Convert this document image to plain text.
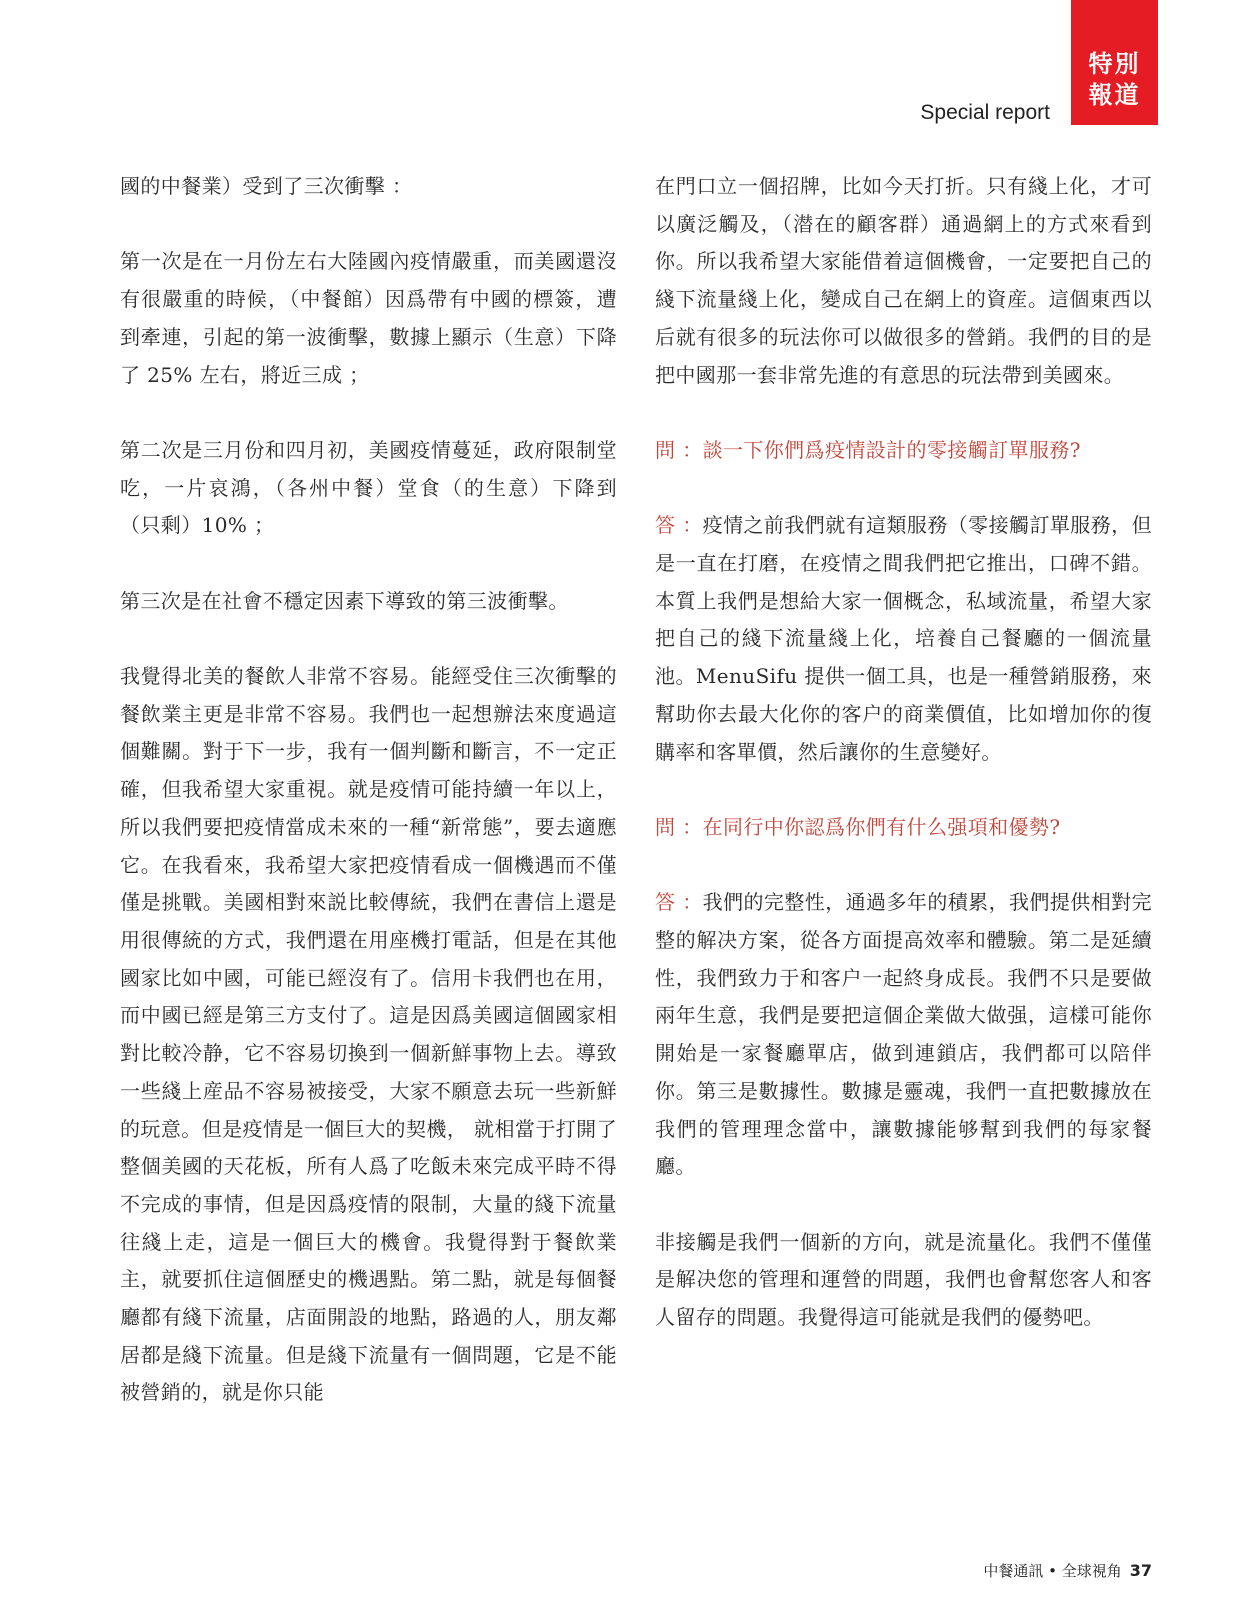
特別
報道
Special report

國的中餐業）受到了三次衝擊 ：

第一次是在一月份左右大陸國內疫情嚴重，而美國還沒有很嚴重的時候，（中餐館）因爲帶有中國的標簽，遭到牽連，引起的第一波衝擊，數據上顯示（生意）下降了 25% 左右，將近三成 ；

第二次是三月份和四月初，美國疫情蔓延，政府限制堂吃，一片哀鴻，（各州中餐）堂食（的生意）下降到（只剩）10% ；

第三次是在社會不穩定因素下導致的第三波衝擊。

我覺得北美的餐飲人非常不容易。能經受住三次衝擊的餐飲業主更是非常不容易。我們也一起想辦法來度過這個難關。對于下一步，我有一個判斷和斷言，不一定正確，但我希望大家重視。就是疫情可能持續一年以上， 所以我們要把疫情當成未來的一種“新常態”，要去適應它。在我看來，我希望大家把疫情看成一個機遇而不僅僅是挑戰。美國相對來説比較傳統，我們在書信上還是用很傳統的方式，我們還在用座機打電話，但是在其他國家比如中國，可能已經沒有了。信用卡我們也在用，而中國已經是第三方支付了。這是因爲美國這個國家相對比較冷静，它不容易切換到一個新鮮事物上去。導致一些綫上産品不容易被接受，大家不願意去玩一些新鮮的玩意。但是疫情是一個巨大的契機， 就相當于打開了整個美國的天花板，所有人爲了吃飯未來完成平時不得不完成的事情，但是因爲疫情的限制，大量的綫下流量往綫上走，這是一個巨大的機會。我覺得對于餐飲業主，就要抓住這個歷史的機遇點。第二點，就是每個餐廳都有綫下流量，店面開設的地點，路過的人，朋友鄰居都是綫下流量。但是綫下流量有一個問題，它是不能被營銷的，就是你只能

在門口立一個招牌，比如今天打折。只有綫上化，才可以廣泛觸及，（潜在的顧客群）通過網上的方式來看到你。所以我希望大家能借着這個機會，一定要把自己的綫下流量綫上化，變成自己在網上的資産。這個東西以后就有很多的玩法你可以做很多的營銷。我們的目的是把中國那一套非常先進的有意思的玩法帶到美國來。

問 ：談一下你們爲疫情設計的零接觸訂單服務?

答 ：疫情之前我們就有這類服務（零接觸訂單服務，但是一直在打磨，在疫情之間我們把它推出，口碑不錯。本質上我們是想給大家一個概念，私域流量，希望大家把自己的綫下流量綫上化，培養自己餐廳的一個流量池。MenuSifu 提供一個工具，也是一種營銷服務，來幫助你去最大化你的客户的商業價值，比如增加你的復購率和客單價，然后讓你的生意變好。

問 ：在同行中你認爲你們有什么强項和優勢?

答 ：我們的完整性，通過多年的積累，我們提供相對完整的解决方案，從各方面提高效率和體驗。第二是延續性，我們致力于和客户一起終身成長。我們不只是要做兩年生意，我們是要把這個企業做大做强，這樣可能你開始是一家餐廳單店，做到連鎖店，我們都可以陪伴你。第三是數據性。數據是靈魂，我們一直把數據放在我們的管理理念當中，讓數據能够幫到我們的每家餐廳。

非接觸是我們一個新的方向，就是流量化。我們不僅僅是解决您的管理和運營的問題，我們也會幫您客人和客人留存的問題。我覺得這可能就是我們的優勢吧。

中餐通訊 • 全球視角 37
